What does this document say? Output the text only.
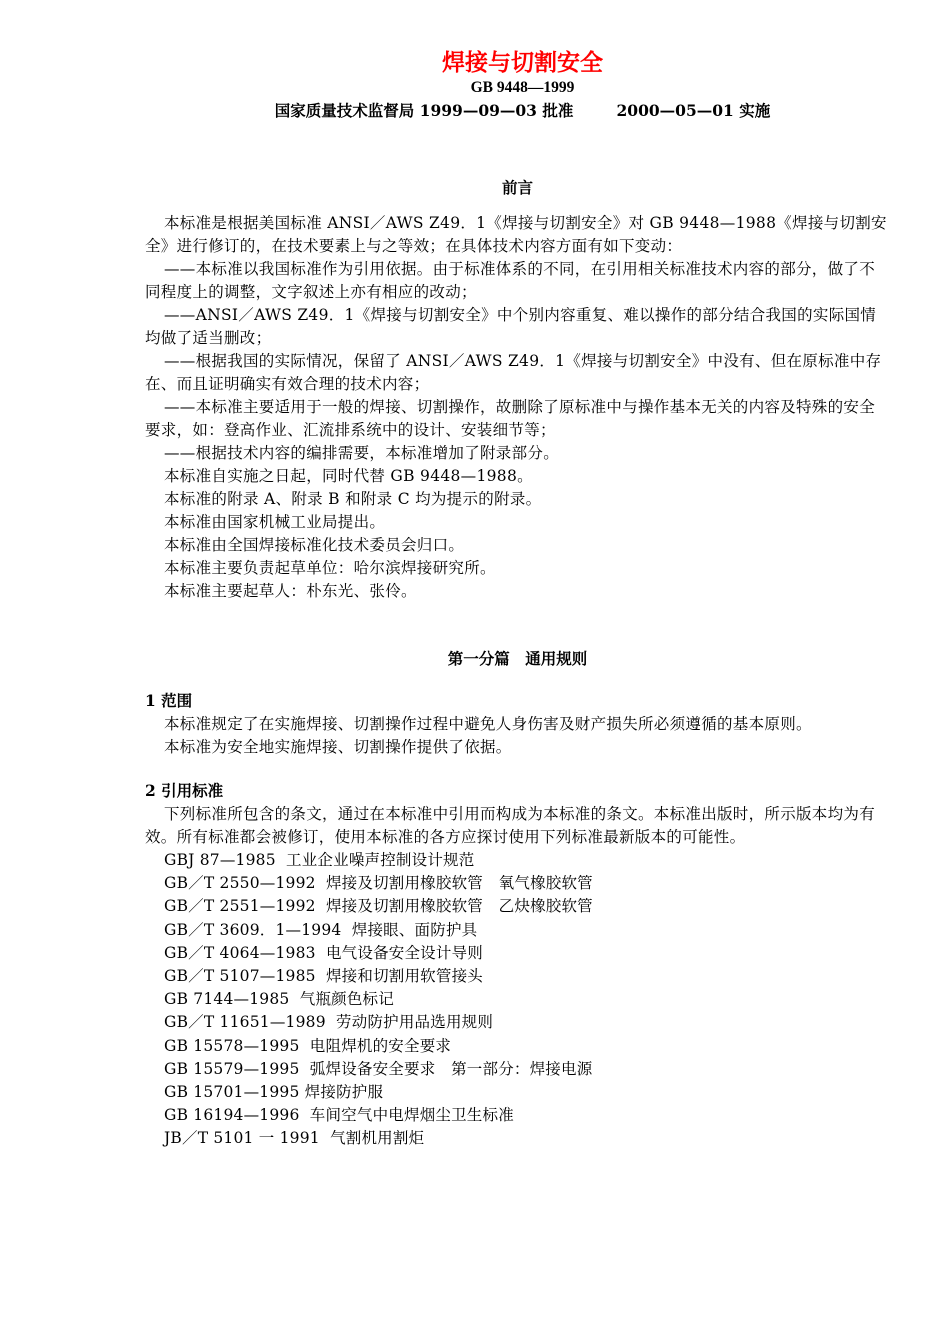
焊接与切割安全
GB 9448—1999
国家质量技术监督局 1999—09—03 批准        2000—05—01 实施
前言

本标准是根据美国标准 ANSI／AWS Z49．1《焊接与切割安全》对 GB 9448—1988《焊接与切割安全》进行修订的，在技术要素上与之等效；在具体技术内容方面有如下变动：

——本标准以我国标准作为引用依据。由于标准体系的不同，在引用相关标准技术内容的部分，做了不同程度上的调整，文字叙述上亦有相应的改动；

——ANSI／AWS Z49．1《焊接与切割安全》中个别内容重复、难以操作的部分结合我国的实际国情均做了适当删改；

——根据我国的实际情况，保留了 ANSI／AWS Z49．1《焊接与切割安全》中没有、但在原标准中存在、而且证明确实有效合理的技术内容；

——本标准主要适用于一般的焊接、切割操作，故删除了原标准中与操作基本无关的内容及特殊的安全要求，如：登高作业、汇流排系统中的设计、安装细节等；

——根据技术内容的编排需要，本标准增加了附录部分。

本标准自实施之日起，同时代替 GB 9448—1988。

本标准的附录 A、附录 B 和附录 C 均为提示的附录。

本标准由国家机械工业局提出。

本标准由全国焊接标准化技术委员会归口。

本标准主要负责起草单位：哈尔滨焊接研究所。

本标准主要起草人：朴东光、张伶。

第一分篇　通用规则
1 范围

本标准规定了在实施焊接、切割操作过程中避免人身伤害及财产损失所必须遵循的基本原则。

本标准为安全地实施焊接、切割操作提供了依据。

2 引用标准

下列标准所包含的条文，通过在本标准中引用而构成为本标准的条文。本标准出版时，所示版本均为有效。所有标准都会被修订，使用本标准的各方应探讨使用下列标准最新版本的可能性。

GBJ 87—1985  工业企业噪声控制设计规范
GB／T 2550—1992  焊接及切割用橡胶软管　氧气橡胶软管
GB／T 2551—1992  焊接及切割用橡胶软管　乙炔橡胶软管
GB／T 3609．1—1994  焊接眼、面防护具
GB／T 4064—1983  电气设备安全设计导则
GB／T 5107—1985  焊接和切割用软管接头
GB 7144—1985  气瓶颜色标记
GB／T 11651—1989  劳动防护用品选用规则
GB 15578—1995  电阻焊机的安全要求
GB 15579—1995  弧焊设备安全要求　第一部分：焊接电源
GB 15701—1995 焊接防护服
GB 16194—1996  车间空气中电焊烟尘卫生标准
JB／T 5101 一 1991  气割机用割炬
